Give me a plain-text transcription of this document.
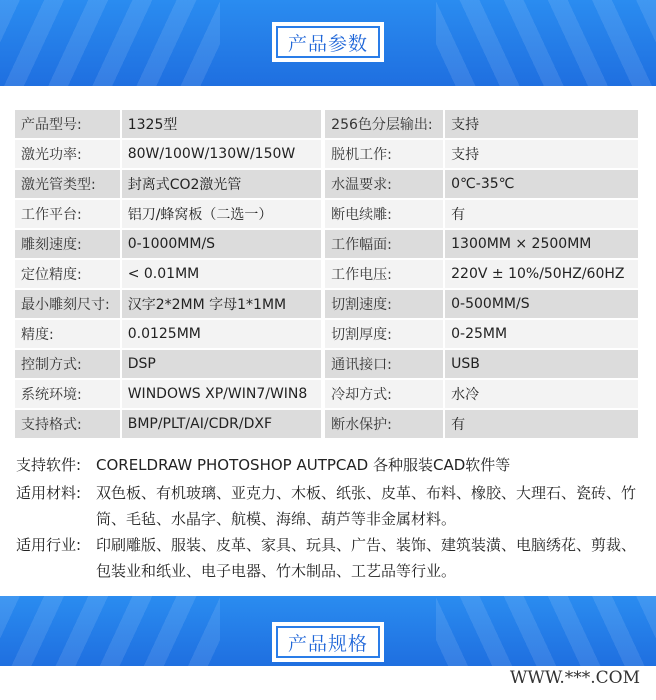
产品参数
产品型号:	1325型	256色分层输出:	支持
激光功率:	80W/100W/130W/150W	脱机工作:	支持
激光管类型:	封离式CO2激光管	水温要求:	0℃-35℃
工作平台:	铝刀/蜂窝板（二选一）	断电续雕:	有
雕刻速度:	0-1000MM/S	工作幅面:	1300MM × 2500MM
定位精度:	< 0.01MM	工作电压:	220V ± 10%/50HZ/60HZ
最小雕刻尺寸:	汉字2*2MM 字母1*1MM	切割速度:	0-500MM/S
精度:	0.0125MM	切割厚度:	0-25MM
控制方式:	DSP	通讯接口:	USB
系统环境:	WINDOWS XP/WIN7/WIN8	冷却方式:	水冷
支持格式:	BMP/PLT/AI/CDR/DXF	断水保护:	有
支持软件: CORELDRAW PHOTOSHOP AUTPCAD 各种服装CAD软件等
适用材料: 双色板、有机玻璃、亚克力、木板、纸张、皮革、布料、橡胶、大理石、瓷砖、竹筒、毛毡、水晶字、航模、海绵、葫芦等非金属材料。
适用行业: 印刷雕版、服装、皮革、家具、玩具、广告、装饰、建筑装潢、电脑绣花、剪裁、包装业和纸业、电子电器、竹木制品、工艺品等行业。
产品规格
WWW.***.COM
